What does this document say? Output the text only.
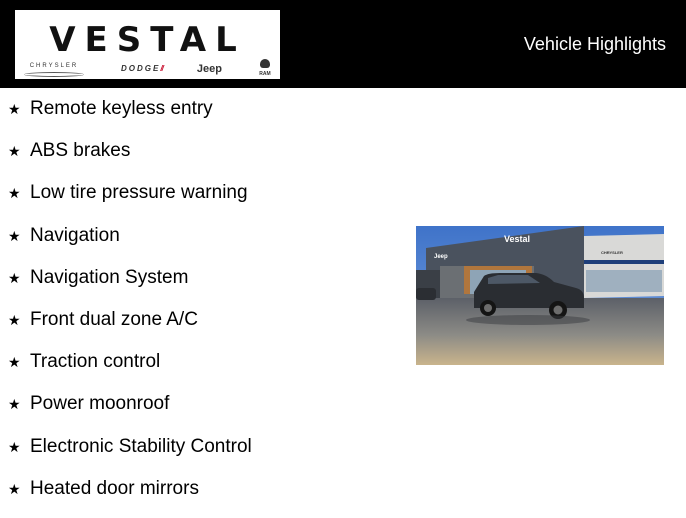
VESTAL
CHRYSLER	DODGE//	Jeep	RAM
Vehicle Highlights
★ Remote keyless entry
★ ABS brakes
★ Low tire pressure warning
★ Navigation
★ Navigation System
★ Front dual zone A/C
★ Traction control
★ Power moonroof
★ Electronic Stability Control
★ Heated door mirrors
Vestal
Jeep
CHRYSLER
